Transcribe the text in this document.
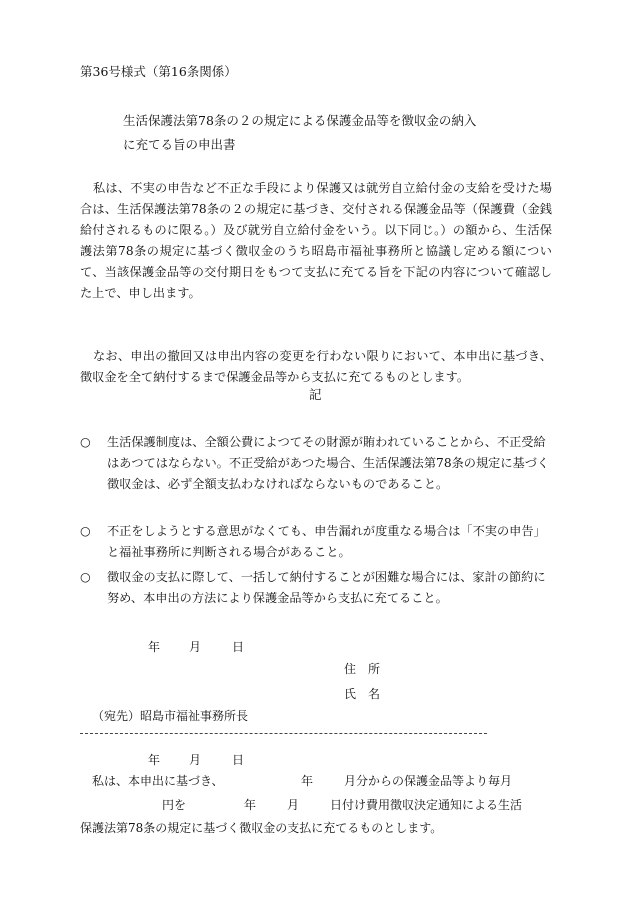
第36号様式（第16条関係）
生活保護法第78条の２の規定による保護金品等を徴収金の納入
に充てる旨の申出書
私は、不実の申告など不正な手段により保護又は就労自立給付金の支給を受けた場合は、生活保護法第78条の２の規定に基づき、交付される保護金品等（保護費（金銭給付されるものに限る。）及び就労自立給付金をいう。以下同じ。）の額から、生活保護法第78条の規定に基づく徴収金のうち昭島市福祉事務所と協議し定める額について、当該保護金品等の交付期日をもつて支払に充てる旨を下記の内容について確認した上で、申し出ます。
なお、申出の撤回又は申出内容の変更を行わない限りにおいて、本申出に基づき、徴収金を全て納付するまで保護金品等から支払に充てるものとします。
記
○	生活保護制度は、全額公費によつてその財源が賄われていることから、不正受給はあつてはならない。不正受給があつた場合、生活保護法第78条の規定に基づく徴収金は、必ず全額支払わなければならないものであること。
○	不正をしようとする意思がなくても、申告漏れが度重なる場合は「不実の申告」と福祉事務所に判断される場合があること。
○	徴収金の支払に際して、一括して納付することが困難な場合には、家計の節約に努め、本申出の方法により保護金品等から支払に充てること。
年 月	日
住　所
氏　名
（宛先）昭島市福祉事務所長
年 月	日
私は、本申出に基づき、	年	月分からの保護金品等より毎月
円を	年	月	日付け費用徴収決定通知による生活
保護法第78条の規定に基づく徴収金の支払に充てるものとします。
